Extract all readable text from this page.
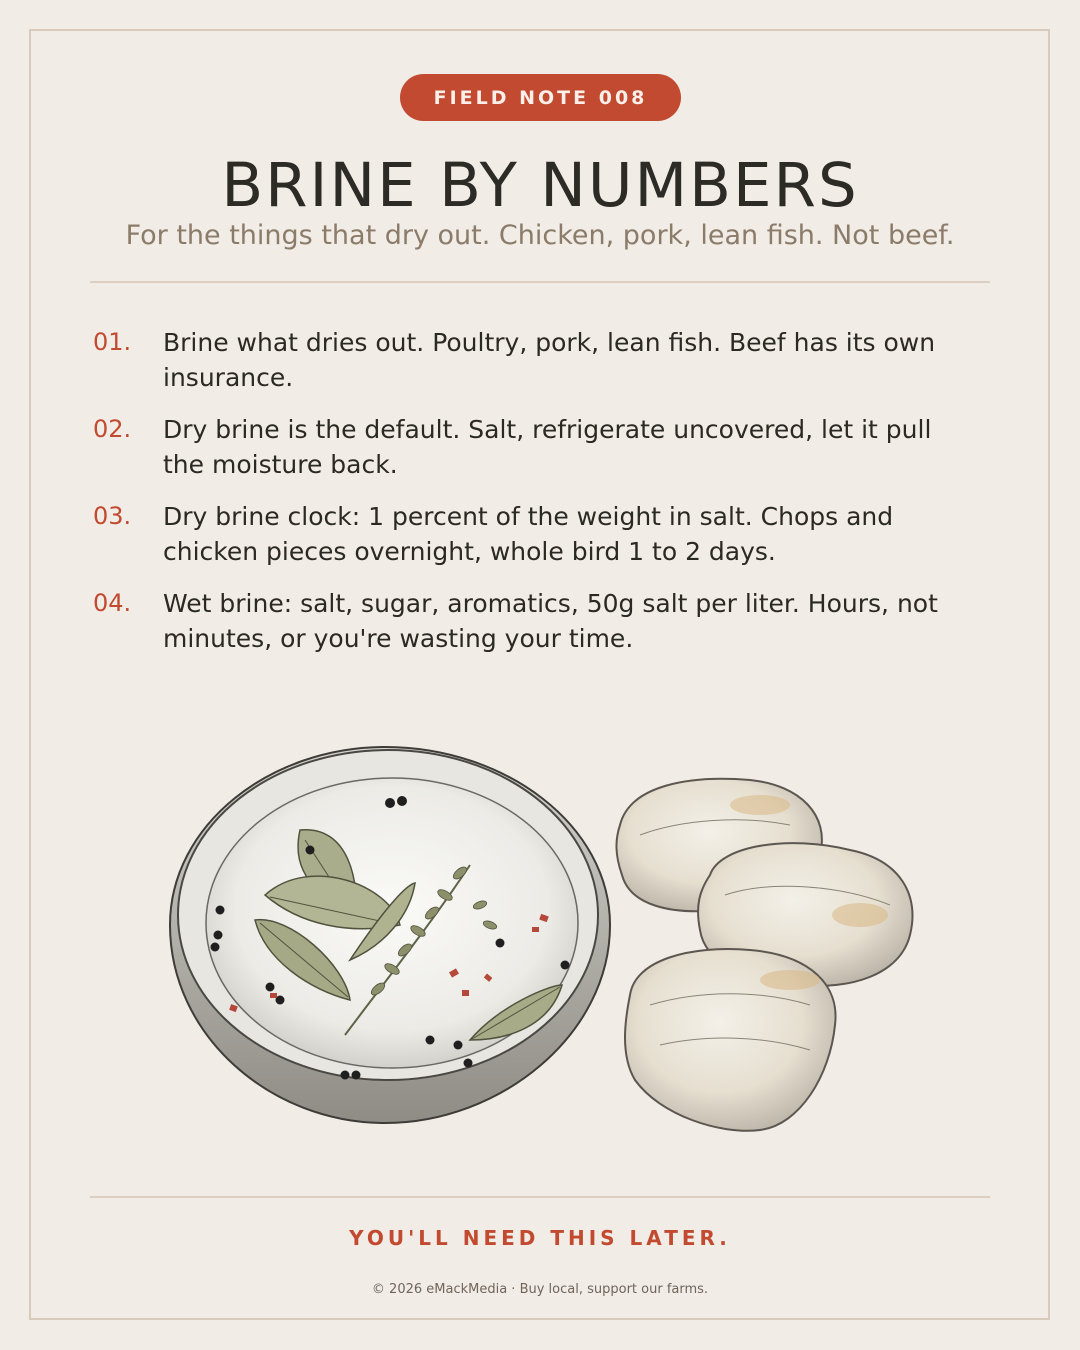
FIELD NOTE 008
BRINE BY NUMBERS
For the things that dry out. Chicken, pork, lean fish. Not beef.
01.	Brine what dries out. Poultry, pork, lean fish. Beef has its own insurance.
02.	Dry brine is the default. Salt, refrigerate uncovered, let it pull the moisture back.
03.	Dry brine clock: 1 percent of the weight in salt. Chops and chicken pieces overnight, whole bird 1 to 2 days.
04.	Wet brine: salt, sugar, aromatics, 50g salt per liter. Hours, not minutes, or you're wasting your time.
YOU'LL NEED THIS LATER.
© 2026 eMackMedia · Buy local, support our farms.
